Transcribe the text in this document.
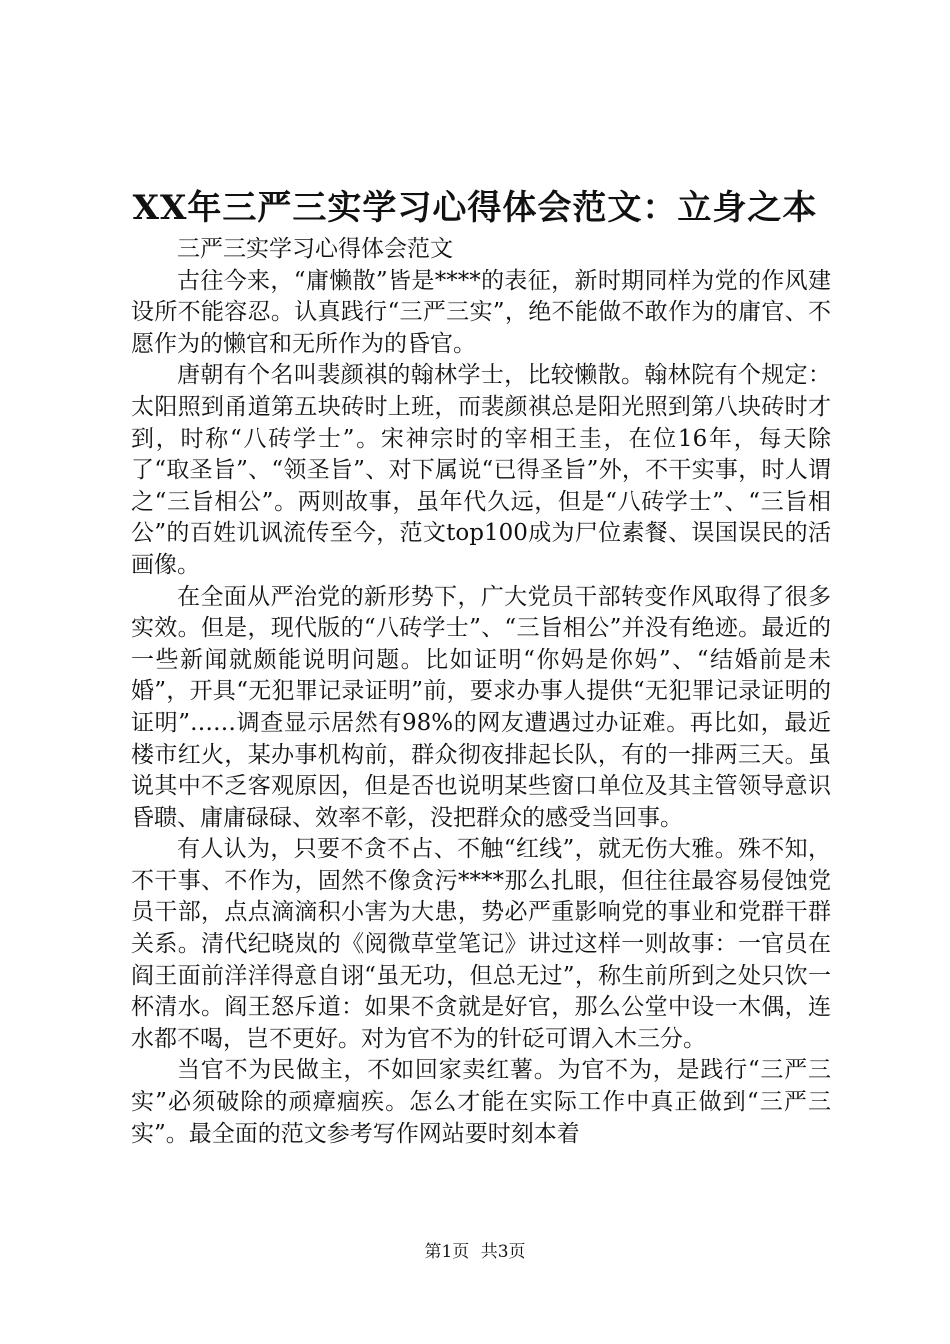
XX年三严三实学习心得体会范文：立身之本

三严三实学习心得体会范文

古往今来，“庸懒散”皆是****的表征，新时期同样为党的作风建设所不能容忍。认真践行“三严三实”，绝不能做不敢作为的庸官、不愿作为的懒官和无所作为的昏官。

唐朝有个名叫裴颜祺的翰林学士，比较懒散。翰林院有个规定：太阳照到甬道第五块砖时上班，而裴颜祺总是阳光照到第八块砖时才到，时称“八砖学士”。宋神宗时的宰相王圭，在位16年，每天除了“取圣旨”、“领圣旨”、对下属说“已得圣旨”外，不干实事，时人谓之“三旨相公”。两则故事，虽年代久远，但是“八砖学士”、“三旨相公”的百姓讥讽流传至今，范文top100成为尸位素餐、误国误民的活画像。

在全面从严治党的新形势下，广大党员干部转变作风取得了很多实效。但是，现代版的“八砖学士”、“三旨相公”并没有绝迹。最近的一些新闻就颇能说明问题。比如证明“你妈是你妈”、“结婚前是未婚”，开具“无犯罪记录证明”前，要求办事人提供“无犯罪记录证明的证明”……调查显示居然有98%的网友遭遇过办证难。再比如，最近楼市红火，某办事机构前，群众彻夜排起长队，有的一排两三天。虽说其中不乏客观原因，但是否也说明某些窗口单位及其主管领导意识昏聩、庸庸碌碌、效率不彰，没把群众的感受当回事。

有人认为，只要不贪不占、不触“红线”，就无伤大雅。殊不知，不干事、不作为，固然不像贪污****那么扎眼，但往往最容易侵蚀党员干部，点点滴滴积小害为大患，势必严重影响党的事业和党群干群关系。清代纪晓岚的《阅微草堂笔记》讲过这样一则故事：一官员在阎王面前洋洋得意自诩“虽无功，但总无过”，称生前所到之处只饮一杯清水。阎王怒斥道：如果不贪就是好官，那么公堂中设一木偶，连水都不喝，岂不更好。对为官不为的针砭可谓入木三分。

当官不为民做主，不如回家卖红薯。为官不为，是践行“三严三实”必须破除的顽瘴痼疾。怎么才能在实际工作中真正做到“三严三实”。最全面的范文参考写作网站要时刻本着

第1页 共3页
